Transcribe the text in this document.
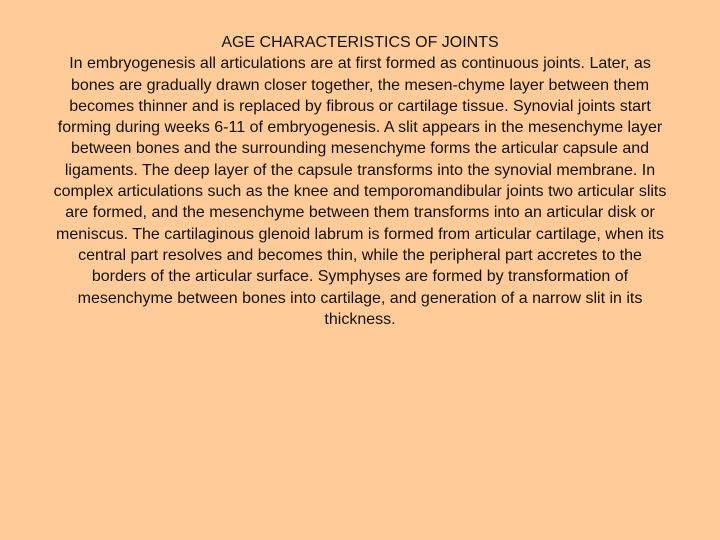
AGE CHARACTERISTICS OF JOINTS

In embryogenesis all articulations are at first formed as continuous joints. Later, as bones are gradually drawn closer together, the mesen-chyme layer between them becomes thinner and is replaced by fibrous or cartilage tissue. Synovial joints start forming during weeks 6-11 of embryogenesis. A slit appears in the mesenchyme layer between bones and the surrounding mesenchyme forms the articular capsule and ligaments. The deep layer of the capsule transforms into the synovial membrane. In complex articulations such as the knee and temporomandibular joints two articular slits are formed, and the mesenchyme between them transforms into an articular disk or meniscus. The cartilaginous glenoid labrum is formed from articular cartilage, when its central part resolves and becomes thin, while the peripheral part accretes to the borders of the articular surface. Symphyses are formed by transformation of mesenchyme between bones into cartilage, and generation of a narrow slit in its thickness.
